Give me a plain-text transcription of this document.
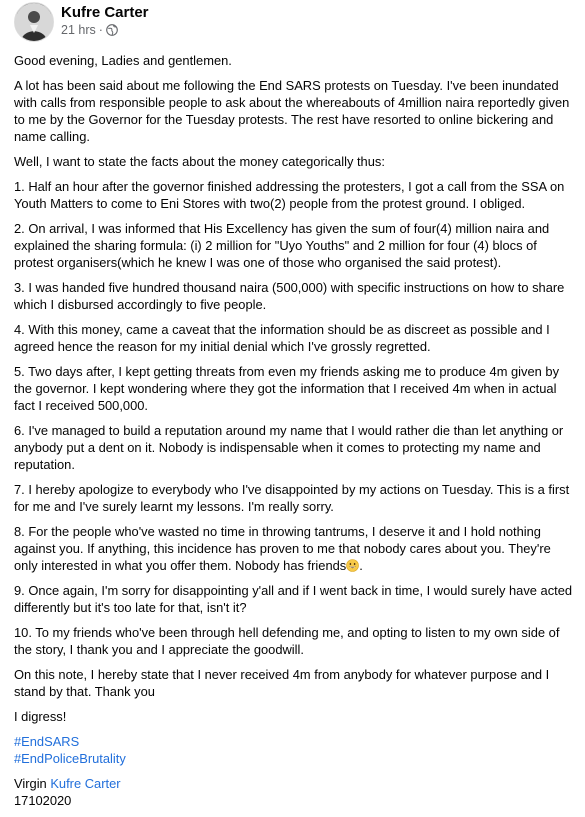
Kufre Carter
21 hrs ·

Good evening, Ladies and gentlemen.

A lot has been said about me following the End SARS protests on Tuesday. I've been inundated with calls from responsible people to ask about the whereabouts of 4million naira reportedly given to me by the Governor for the Tuesday protests. The rest have resorted to online bickering and name calling.

Well, I want to state the facts about the money categorically thus:

1. Half an hour after the governor finished addressing the protesters, I got a call from the SSA on Youth Matters to come to Eni Stores with two(2) people from the protest ground. I obliged.

2. On arrival, I was informed that His Excellency has given the sum of four(4) million naira and explained the sharing formula: (i) 2 million for "Uyo Youths" and 2 million for four (4) blocs of protest organisers(which he knew I was one of those who organised the said protest).

3. I was handed five hundred thousand naira (500,000) with specific instructions on how to share which I disbursed accordingly to five people.

4. With this money, came a caveat that the information should be as discreet as possible and I agreed hence the reason for my initial denial which I've grossly regretted.

5. Two days after, I kept getting threats from even my friends asking me to produce 4m given by the governor. I kept wondering where they got the information that I received 4m when in actual fact I received 500,000.

6. I've managed to build a reputation around my name that I would rather die than let anything or anybody put a dent on it. Nobody is indispensable when it comes to protecting my name and reputation.

7. I hereby apologize to everybody who I've disappointed by my actions on Tuesday. This is a first for me and I've surely learnt my lessons. I'm really sorry.

8. For the people who've wasted no time in throwing tantrums, I deserve it and I hold nothing against you. If anything, this incidence has proven to me that nobody cares about you. They're only interested in what you offer them. Nobody has friends .

9. Once again, I'm sorry for disappointing y'all and if I went back in time, I would surely have acted differently but it's too late for that, isn't it?

10. To my friends who've been through hell defending me, and opting to listen to my own side of the story, I thank you and I appreciate the goodwill.

On this note, I hereby state that I never received 4m from anybody for whatever purpose and I stand by that. Thank you

I digress!

#EndSARS
#EndPoliceBrutality

Virgin Kufre Carter
17102020
